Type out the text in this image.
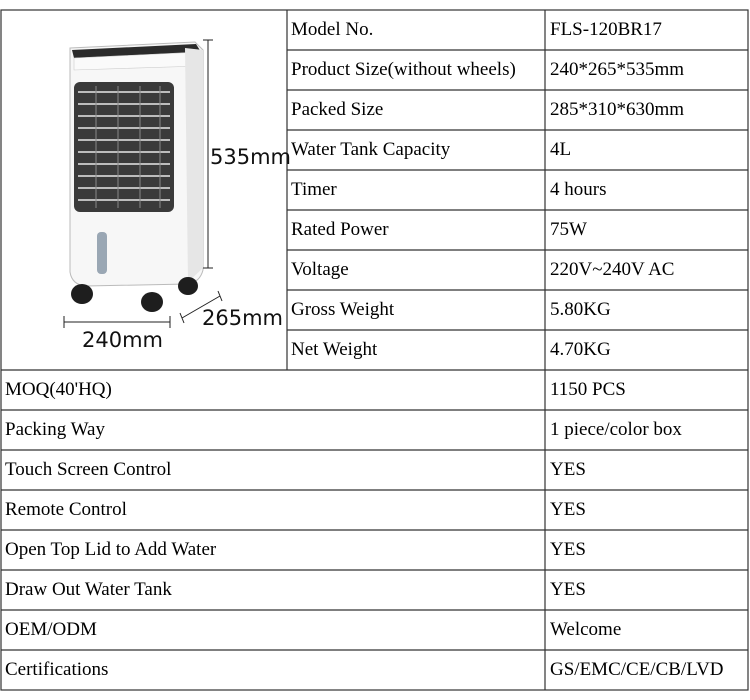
535mm
240mm
265mm
Model No.	FLS-120BR17
Product Size(without wheels) 240*265*535mm
Packed Size	285*310*630mm
Water Tank Capacity	4L
Timer	4 hours
Rated Power	75W
Voltage	220V~240V AC
Gross Weight	5.80KG
Net Weight	4.70KG
MOQ(40'HQ)	1150 PCS
Packing Way	1 piece/color box
Touch Screen Control	YES
Remote Control	YES
Open Top Lid to Add Water	YES
Draw Out Water Tank	YES
OEM/ODM	Welcome
Certifications	GS/EMC/CE/CB/LVD
